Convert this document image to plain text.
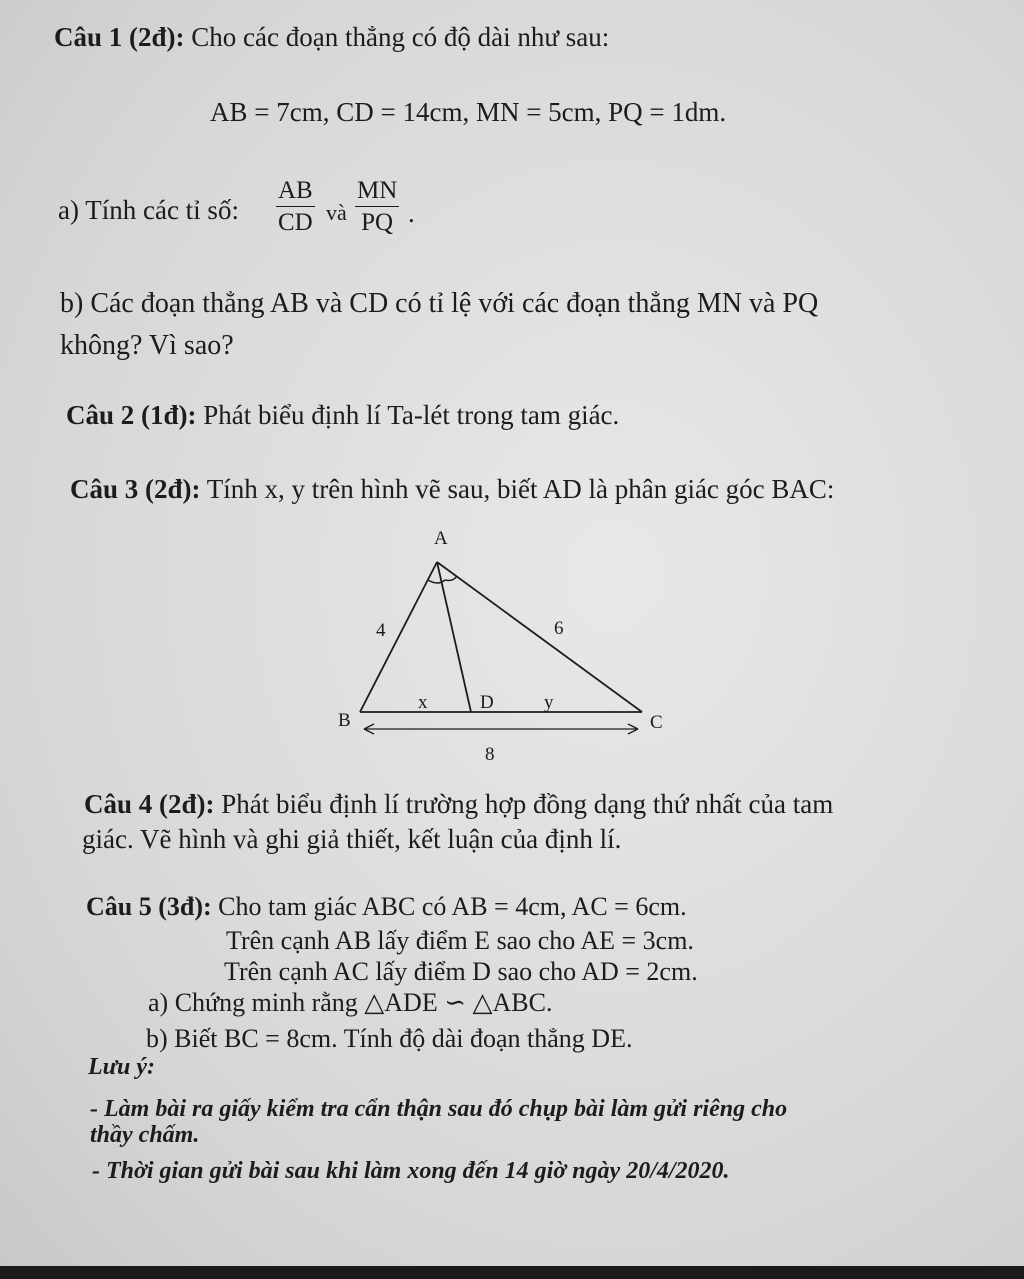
Câu 1 (2đ): Cho các đoạn thẳng có độ dài như sau:
AB = 7cm, CD = 14cm, MN = 5cm, PQ = 1dm.
a) Tính các tỉ số: $\frac{AB}{CD}$ và $\frac{MN}{PQ}$ .
b) Các đoạn thẳng AB và CD có tỉ lệ với các đoạn thẳng MN và PQ
không? Vì sao?
Câu 2 (1đ): Phát biểu định lí Ta-lét trong tam giác.
Câu 3 (2đ): Tính x, y trên hình vẽ sau, biết AD là phân giác góc BAC:
A
B	C
D
4	6
x	y
8
Câu 4 (2đ): Phát biểu định lí trường hợp đồng dạng thứ nhất của tam
giác. Vẽ hình và ghi giả thiết, kết luận của định lí.
Câu 5 (3đ): Cho tam giác ABC có AB = 4cm, AC = 6cm.
Trên cạnh AB lấy điểm E sao cho AE = 3cm.
Trên cạnh AC lấy điểm D sao cho AD = 2cm.
a) Chứng minh rằng △ADE ∽ △ABC.
b) Biết BC = 8cm. Tính độ dài đoạn thẳng DE.
Lưu ý:
- Làm bài ra giấy kiểm tra cẩn thận sau đó chụp bài làm gửi riêng cho
thầy chấm.
- Thời gian gửi bài sau khi làm xong đến 14 giờ ngày 20/4/2020.
